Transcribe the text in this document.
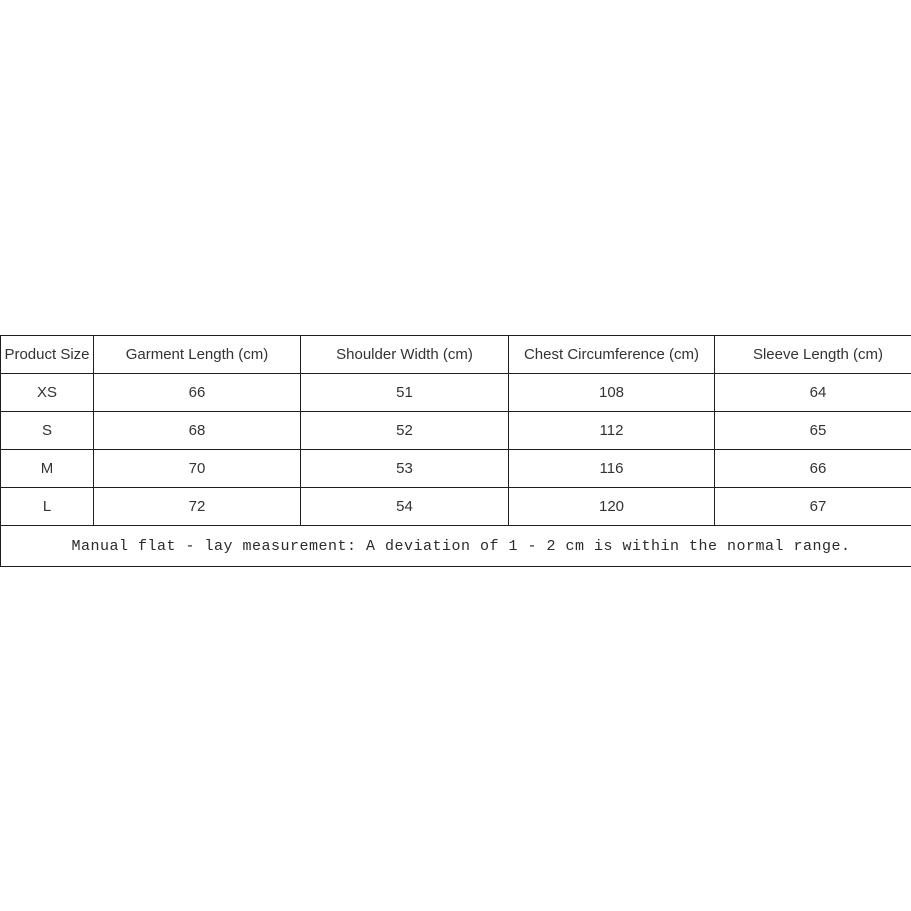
Product Size	Garment Length (cm)	Shoulder Width (cm)	Chest Circumference (cm)	Sleeve Length (cm)
XS	66	51	108	64
S	68	52	112	65
M	70	53	116	66
L	72	54	120	67
Manual flat - lay measurement: A deviation of 1 - 2 cm is within the normal range.				
